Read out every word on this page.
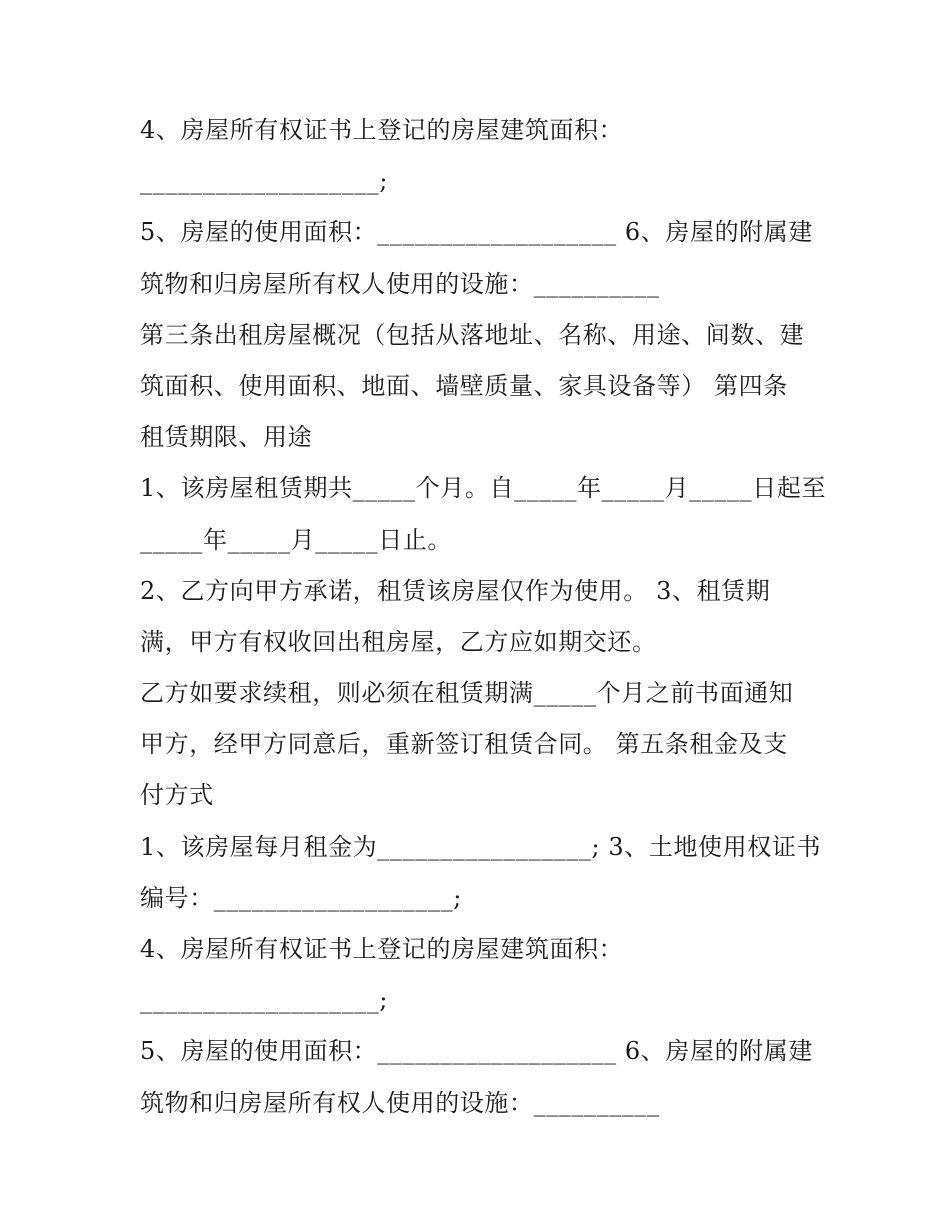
4、房屋所有权证书上登记的房屋建筑面积：
___________________;
5、房屋的使用面积：___________________ 6、房屋的附属建
筑物和归房屋所有权人使用的设施：__________
第三条出租房屋概况（包括从落地址、名称、用途、间数、建
筑面积、使用面积、地面、墙壁质量、家具设备等） 第四条
租赁期限、用途
1、该房屋租赁期共_____个月。自_____年_____月_____日起至
_____年_____月_____日止。
2、乙方向甲方承诺，租赁该房屋仅作为使用。 3、租赁期
满，甲方有权收回出租房屋，乙方应如期交还。
乙方如要求续租，则必须在租赁期满_____个月之前书面通知
甲方，经甲方同意后，重新签订租赁合同。 第五条租金及支
付方式
1、该房屋每月租金为_________________; 3、土地使用权证书
编号：___________________;
4、房屋所有权证书上登记的房屋建筑面积：
___________________;
5、房屋的使用面积：___________________ 6、房屋的附属建
筑物和归房屋所有权人使用的设施：__________
